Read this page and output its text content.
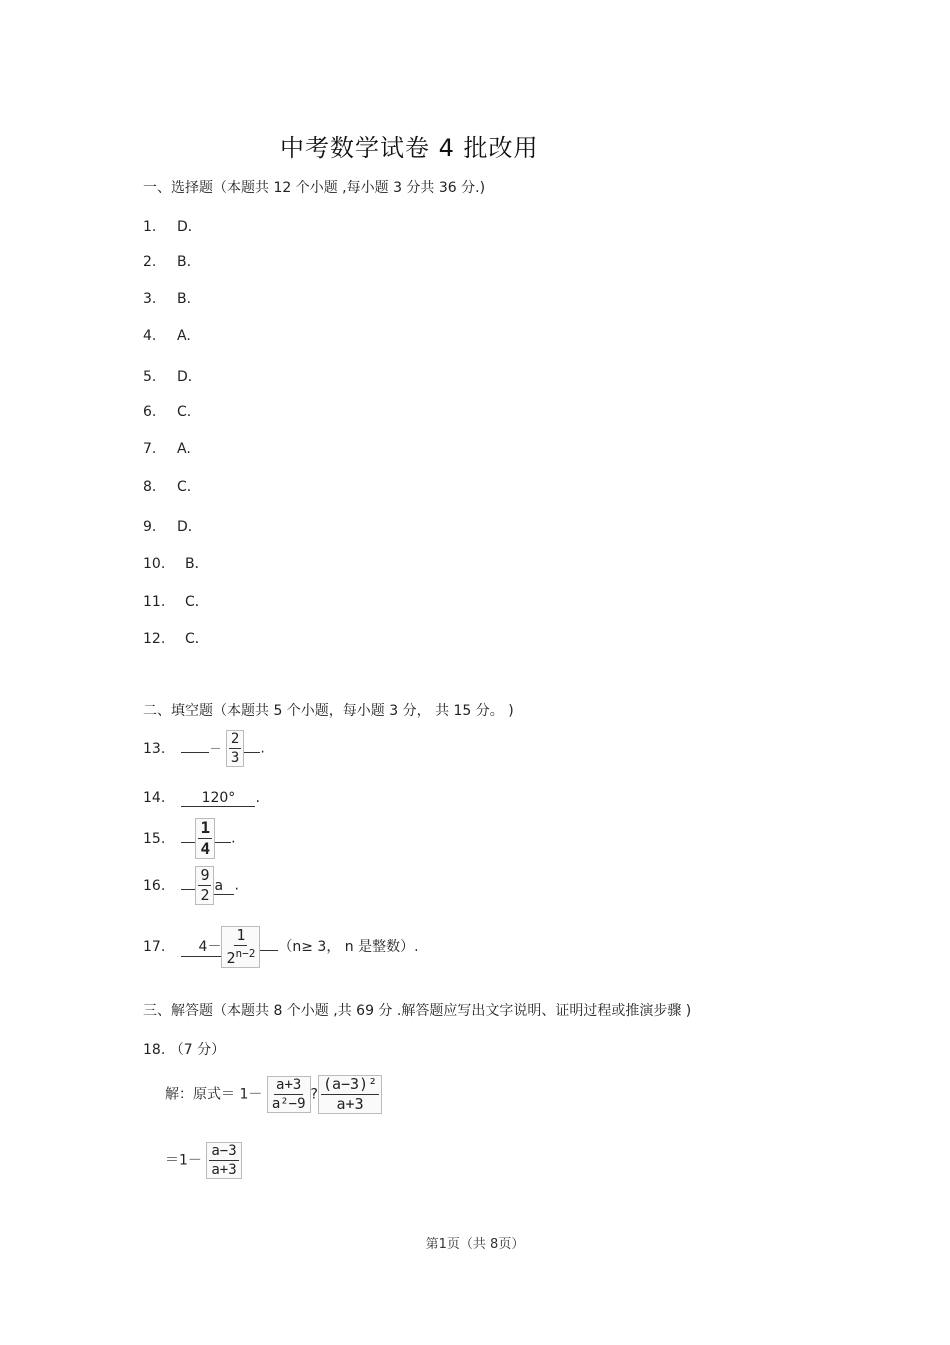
中考数学试卷 4 批改用
一、选择题（本题共 12 个小题 ,每小题 3 分共 36 分.)
1. D．
2. B.
3. B.
4. A.
5. D．
6. C.
7. A.
8. C.
9. D．
10. B．
11. C．
12. C．
二、填空题（本题共 5 个小题，每小题 3 分， 共 15 分。 )
13.	－ $\frac{2}{3}$ .
14.	120° .
15. $\frac{1}{4}$ .
16. $\frac{9}{2}$ a .
17. $4- \frac{1}{2^{n-2}} (n\ge 3$， n 是整数）.
三、解答题（本题共 8 个小题 ,共 69 分 .解答题应写出文字说明、证明过程或推演步骤 )
18. （7 分）
解：原式＝ $1- \frac{a+3}{\text{a²−9}}$ ? $\frac{\text{(a−3)²}}{a+3}$
$=1- \frac{a-3}{a+3}$
第1页（共 8页）
